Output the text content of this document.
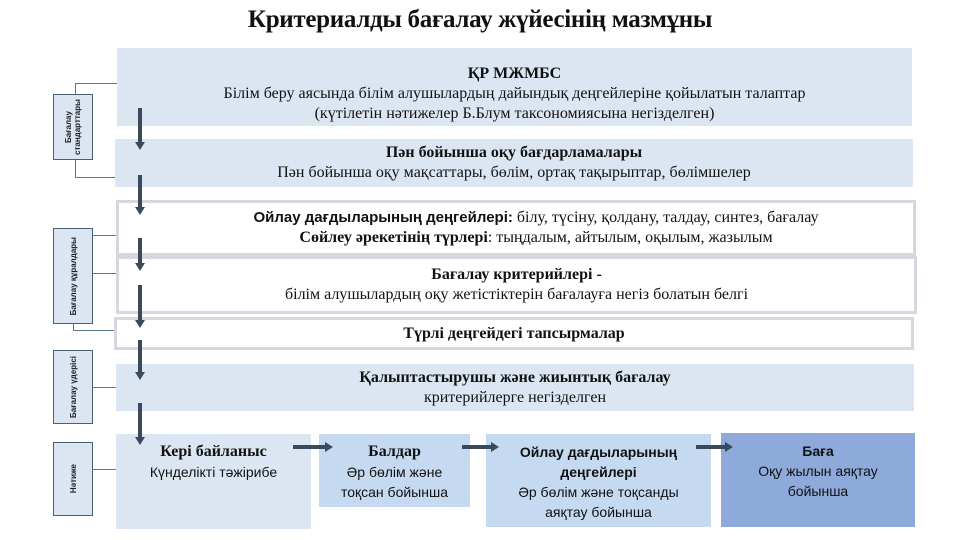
Критериалды бағалау жүйесінің мазмұны
Бағалау стандарттары
Бағалау құралдары
Бағалау үдерісі
Нәтиже
ҚР МЖМБС
Білім беру аясында білім алушылардың дайындық деңгейлеріне қойылатын талаптар
(күтілетін нәтижелер Б.Блум таксономиясына негізделген)
Пән бойынша оқу бағдарламалары
Пән бойынша оқу мақсаттары, бөлім, ортақ тақырыптар, бөлімшелер
Ойлау дағдыларының деңгейлері: білу, түсіну, қолдану, талдау, синтез, бағалау
Сөйлеу әрекетінің түрлері: тыңдалым, айтылым, оқылым, жазылым
Бағалау критерийлері -
білім алушылардың оқу жетістіктерін бағалауға негіз болатын белгі
Түрлі деңгейдегі тапсырмалар
Қалыптастырушы және жиынтық бағалау
критерийлерге негізделген
Кері байланыс
Күнделікті тәжірибе
Балдар
Әр бөлім және тоқсан бойынша
Ойлау дағдыларының деңгейлері
Әр бөлім және тоқсанды аяқтау бойынша
Баға
Оқу жылын аяқтау бойынша
